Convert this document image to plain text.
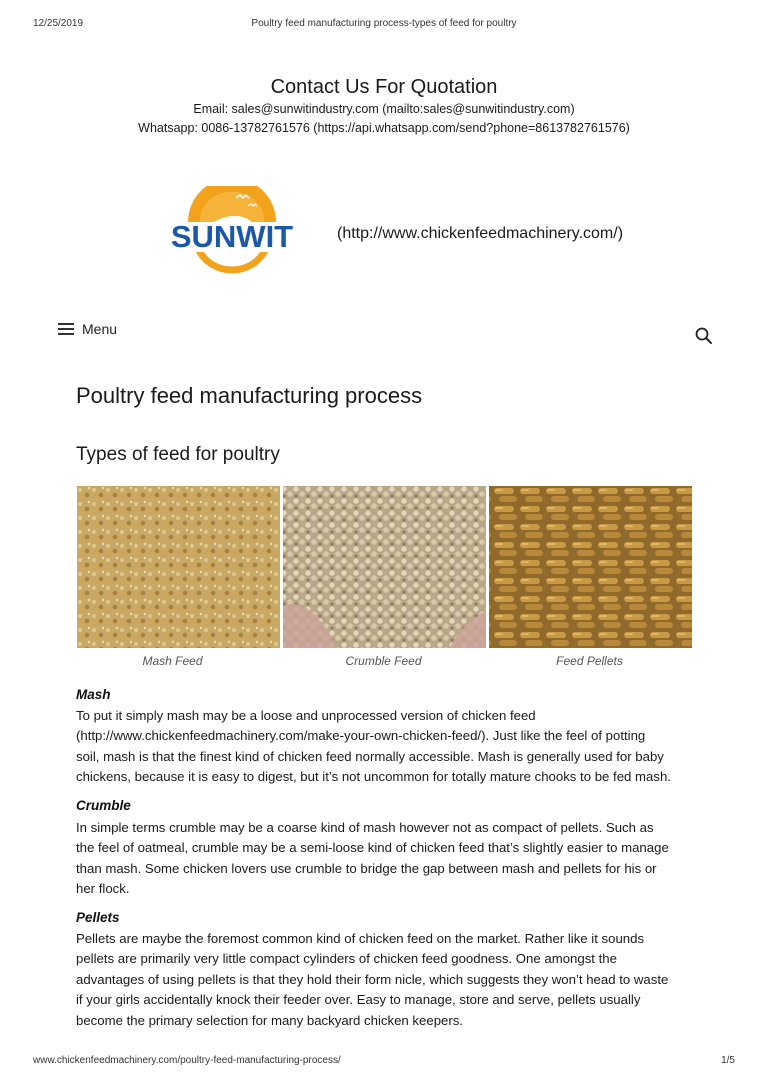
12/25/2019	Poultry feed manufacturing process-types of feed for poultry
Contact Us For Quotation
Email: sales@sunwitindustry.com (mailto:sales@sunwitindustry.com)
Whatsapp: 0086-13782761576 (https://api.whatsapp.com/send?phone=8613782761576)
SUNWIT	(http://www.chickenfeedmachinery.com/)
Menu
Poultry feed manufacturing process
Types of feed for poultry
Mash Feed	Crumble Feed	Feed Pellets
Mash

To put it simply mash may be a loose and unprocessed version of chicken feed

(http://www.chickenfeedmachinery.com/make-your-own-chicken-feed/). Just like the feel of potting

soil, mash is that the finest kind of chicken feed normally accessible. Mash is generally used for baby

chickens, because it is easy to digest, but it’s not uncommon for totally mature chooks to be fed mash.

Crumble

In simple terms crumble may be a coarse kind of mash however not as compact of pellets. Such as

the feel of oatmeal, crumble may be a semi-loose kind of chicken feed that’s slightly easier to manage

than mash. Some chicken lovers use crumble to bridge the gap between mash and pellets for his or

her flock.

Pellets

Pellets are maybe the foremost common kind of chicken feed on the market. Rather like it sounds

pellets are primarily very little compact cylinders of chicken feed goodness. One amongst the

advantages of using pellets is that they hold their form nicle, which suggests they won’t head to waste

if your girls accidentally knock their feeder over. Easy to manage, store and serve, pellets usually

become the primary selection for many backyard chicken keepers.

www.chickenfeedmachinery.com/poultry-feed-manufacturing-process/	1/5
